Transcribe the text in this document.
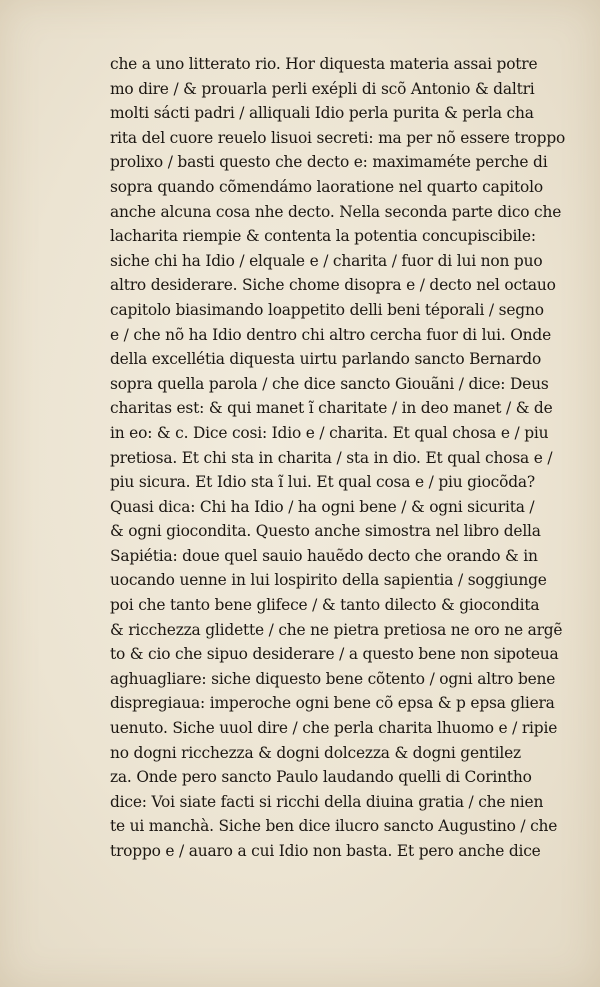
che a uno litterato rio. Hor diquesta materia assai potre
mo dire / & prouarla perli exépli di scõ Antonio & daltri
molti sácti padri / alliquali Idio perla purita & perla cha
rita del cuore reuelo lisuoi secreti: ma per nõ essere troppo
prolixo / basti questo che decto e: maximaméte perche di
sopra quando cõmendámo laoratione nel quarto capitolo
anche alcuna cosa nhe decto. Nella seconda parte dico che
lacharita riempie & contenta la potentia concupiscibile:
siche chi ha Idio / elquale e / charita / fuor di lui non puo
altro desiderare. Siche chome disopra e / decto nel octauo
capitolo biasimando loappetito delli beni téporali / segno
e / che nõ ha Idio dentro chi altro cercha fuor di lui. Onde
della excellétia diquesta uirtu parlando sancto Bernardo
sopra quella parola / che dice sancto Giouãni / dice: Deus
charitas est: & qui manet ĩ charitate / in deo manet / & de
in eo: & c. Dice cosi: Idio e / charita. Et qual chosa e / piu
pretiosa. Et chi sta in charita / sta in dio. Et qual chosa e /
piu sicura. Et Idio sta ĩ lui. Et qual cosa e / piu giocõda?
Quasi dica: Chi ha Idio / ha ogni bene / & ogni sicurita /
& ogni giocondita. Questo anche simostra nel libro della
Sapiétia: doue quel sauio hauẽdo decto che orando & in
uocando uenne in lui lospirito della sapientia / soggiunge
poi che tanto bene glifece / & tanto dilecto & giocondita
& ricchezza glidette / che ne pietra pretiosa ne oro ne argẽ
to & cio che sipuo desiderare / a questo bene non sipoteua
aghuagliare: siche diquesto bene cõtento / ogni altro bene
dispregiaua: imperoche ogni bene cõ epsa & p epsa gliera
uenuto. Siche uuol dire / che perla charita lhuomo e / ripie
no dogni ricchezza & dogni dolcezza & dogni gentilez
za. Onde pero sancto Paulo laudando quelli di Corintho
dice: Voi siate facti si ricchi della diuina gratia / che nien
te ui manchà. Siche ben dice ilucro sancto Augustino / che
troppo e / auaro a cui Idio non basta. Et pero anche dice
